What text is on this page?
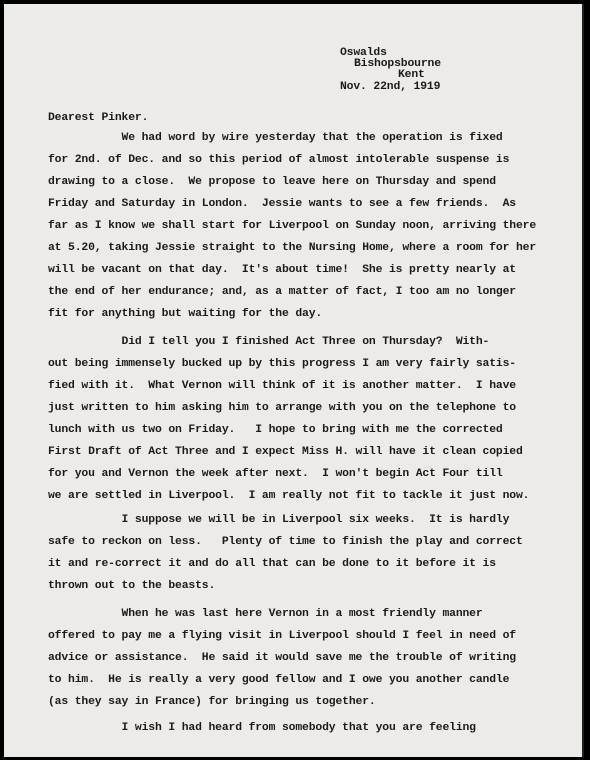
Oswalds
Bishopsbourne
Kent
Nov. 22nd, 1919
Dearest Pinker.
We had word by wire yesterday that the operation is fixed
for 2nd. of Dec. and so this period of almost intolerable suspense is
drawing to a close.  We propose to leave here on Thursday and spend
Friday and Saturday in London.  Jessie wants to see a few friends.  As
far as I know we shall start for Liverpool on Sunday noon, arriving there
at 5.20, taking Jessie straight to the Nursing Home, where a room for her
will be vacant on that day.  It's about time!  She is pretty nearly at
the end of her endurance; and, as a matter of fact, I too am no longer
fit for anything but waiting for the day.
Did I tell you I finished Act Three on Thursday?  With-
out being immensely bucked up by this progress I am very fairly satis-
fied with it.  What Vernon will think of it is another matter.  I have
just written to him asking him to arrange with you on the telephone to
lunch with us two on Friday.   I hope to bring with me the corrected
First Draft of Act Three and I expect Miss H. will have it clean copied
for you and Vernon the week after next.  I won't begin Act Four till
we are settled in Liverpool.  I am really not fit to tackle it just now.
I suppose we will be in Liverpool six weeks.  It is hardly
safe to reckon on less.   Plenty of time to finish the play and correct
it and re-correct it and do all that can be done to it before it is
thrown out to the beasts.
When he was last here Vernon in a most friendly manner
offered to pay me a flying visit in Liverpool should I feel in need of
advice or assistance.  He said it would save me the trouble of writing
to him.  He is really a very good fellow and I owe you another candle
(as they say in France) for bringing us together.
I wish I had heard from somebody that you are feeling
